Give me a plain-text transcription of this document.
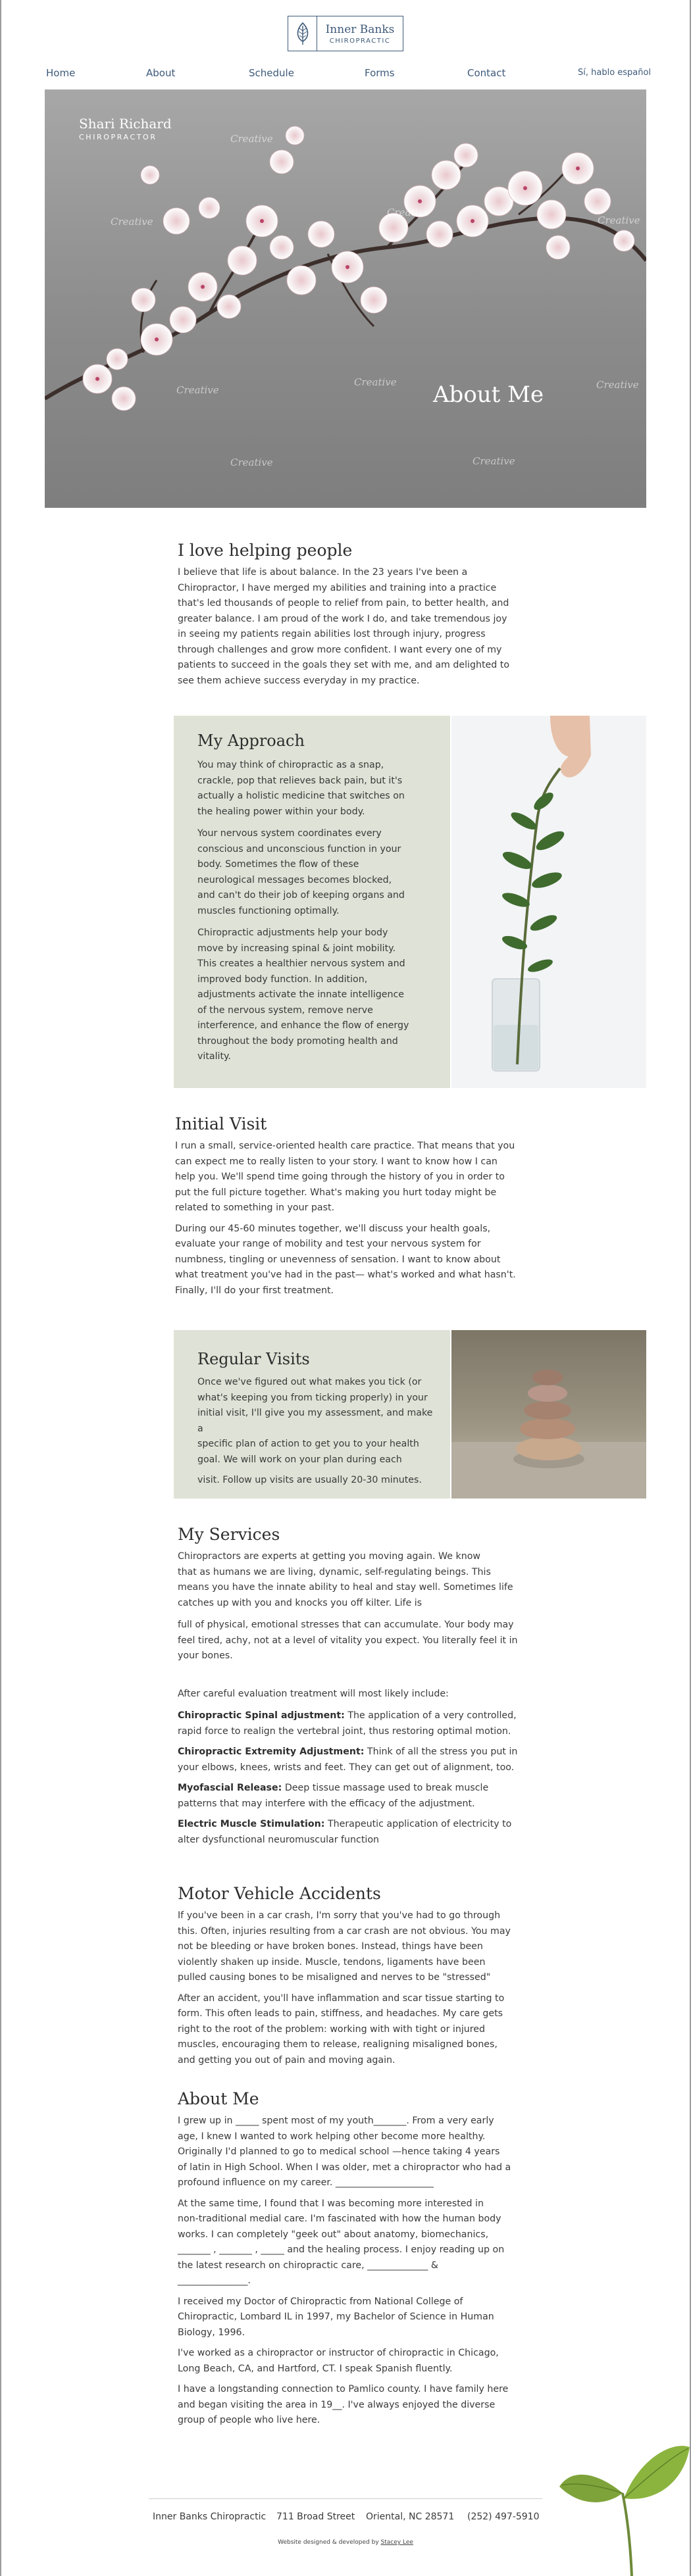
Inner Banks
CHIROPRACTIC
Home	About	Schedule	Forms	Contact	Sí, hablo español
Creative
Creative
Creative
Creative
Creative
Creative	Creative
Creative	Creative
Shari Richard
CHIROPRACTOR
About Me
I love helping people
I believe that life is about balance. In the 23 years I've been a
Chiropractor, I have merged my abilities and training into a practice
that's led thousands of people to relief from pain, to better health, and
greater balance. I am proud of the work I do, and take tremendous joy
in seeing my patients regain abilities lost through injury, progress
through challenges and grow more confident. I want every one of my
patients to succeed in the goals they set with me, and am delighted to
see them achieve success everyday in my practice.
My Approach
You may think of chiropractic as a snap,
crackle, pop that relieves back pain, but it's
actually a holistic medicine that switches on
the healing power within your body.
Your nervous system coordinates every
conscious and unconscious function in your
body. Sometimes the flow of these
neurological messages becomes blocked,
and can't do their job of keeping organs and
muscles functioning optimally.
Chiropractic adjustments help your body
move by increasing spinal & joint mobility.
This creates a healthier nervous system and
improved body function. In addition,
adjustments activate the innate intelligence
of the nervous system, remove nerve
interference, and enhance the flow of energy
throughout the body promoting health and
vitality.
Initial Visit
I run a small, service-oriented health care practice. That means that you
can expect me to really listen to your story. I want to know how I can
help you. We'll spend time going through the history of you in order to
put the full picture together. What's making you hurt today might be
related to something in your past.
During our 45-60 minutes together, we'll discuss your health goals,
evaluate your range of mobility and test your nervous system for
numbness, tingling or unevenness of sensation. I want to know about
what treatment you've had in the past— what's worked and what hasn't.
Finally, I'll do your first treatment.
Regular Visits
Once we've figured out what makes you tick (or
what's keeping you from ticking properly) in your
initial visit, I'll give you my assessment, and make a
specific plan of action to get you to your health
goal. We will work on your plan during each
visit. Follow up visits are usually 20-30 minutes.
My Services
Chiropractors are experts at getting you moving again. We know
that as humans we are living, dynamic, self-regulating beings. This
means you have the innate ability to heal and stay well. Sometimes life
catches up with you and knocks you off kilter. Life is
full of physical, emotional stresses that can accumulate. Your body may
feel tired, achy, not at a level of vitality you expect. You literally feel it in
your bones.
After careful evaluation treatment will most likely include:
Chiropractic Spinal adjustment: The application of a very controlled,
rapid force to realign the vertebral joint, thus restoring optimal motion.
Chiropractic Extremity Adjustment: Think of all the stress you put in
your elbows, knees, wrists and feet. They can get out of alignment, too.
Myofascial Release: Deep tissue massage used to break muscle
patterns that may interfere with the efficacy of the adjustment.
Electric Muscle Stimulation: Therapeutic application of electricity to
alter dysfunctional neuromuscular function
Motor Vehicle Accidents
If you've been in a car crash, I'm sorry that you've had to go through
this. Often, injuries resulting from a car crash are not obvious. You may
not be bleeding or have broken bones. Instead, things have been
violently shaken up inside. Muscle, tendons, ligaments have been
pulled causing bones to be misaligned and nerves to be "stressed"
After an accident, you'll have inflammation and scar tissue starting to
form. This often leads to pain, stiffness, and headaches. My care gets
right to the root of the problem: working with with tight or injured
muscles, encouraging them to release, realigning misaligned bones,
and getting you out of pain and moving again.
About Me
I grew up in _____ spent most of my youth_______. From a very early
age, I knew I wanted to work helping other become more healthy.
Originally I'd planned to go to medical school —hence taking 4 years
of latin in High School. When I was older, met a chiropractor who had a
profound influence on my career. _____________________
At the same time, I found that I was becoming more interested in
non-traditional medial care. I'm fascinated with how the human body
works. I can completely "geek out" about anatomy, biomechanics,
_______ , _______ , _____ and the healing process. I enjoy reading up on
the latest research on chiropractic care, _____________ &
_______________.
I received my Doctor of Chiropractic from National College of
Chiropractic, Lombard IL in 1997, my Bachelor of Science in Human
Biology, 1996.
I've worked as a chiropractor or instructor of chiropractic in Chicago,
Long Beach, CA, and Hartford, CT. I speak Spanish fluently.
I have a longstanding connection to Pamlico county. I have family here
and began visiting the area in 19__. I've always enjoyed the diverse
group of people who live here.
Inner Banks Chiropractic 711 Broad Street Oriental, NC 28571 (252) 497-5910
Website designed & developed by Stacey Lee
